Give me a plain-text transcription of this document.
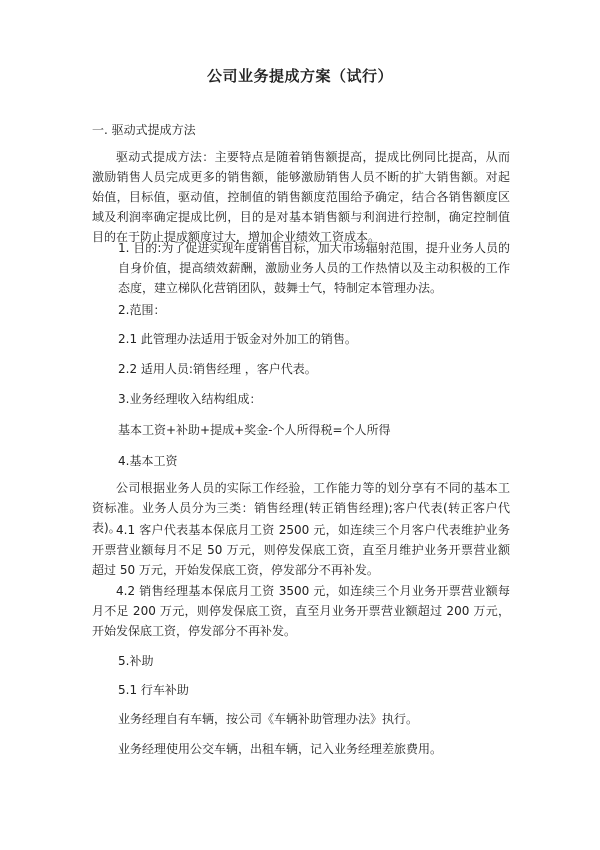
公司业务提成方案（试行）
一. 驱动式提成方法
驱动式提成方法：主要特点是随着销售额提高，提成比例同比提高，从而激励销售人员完成更多的销售额，能够激励销售人员不断的扩大销售额。对起始值，目标值，驱动值，控制值的销售额度范围给予确定，结合各销售额度区域及利润率确定提成比例，目的是对基本销售额与利润进行控制，确定控制值目的在于防止提成额度过大，增加企业绩效工资成本。
1. 目的:为了促进实现年度销售目标，加大市场辐射范围，提升业务人员的自身价值，提高绩效薪酬，激励业务人员的工作热情以及主动积极的工作态度，建立梯队化营销团队，鼓舞士气，特制定本管理办法。
2.范围：
2.1 此管理办法适用于钣金对外加工的销售。
2.2 适用人员:销售经理 ，客户代表。
3.业务经理收入结构组成：
基本工资+补助+提成+奖金-个人所得税=个人所得
4.基本工资
公司根据业务人员的实际工作经验，工作能力等的划分享有不同的基本工资标准。业务人员分为三类：销售经理(转正销售经理);客户代表(转正客户代表)。
4.1 客户代表基本保底月工资 2500 元，如连续三个月客户代表维护业务开票营业额每月不足 50 万元，则停发保底工资，直至月维护业务开票营业额超过 50 万元，开始发保底工资，停发部分不再补发。
4.2 销售经理基本保底月工资 3500 元，如连续三个月业务开票营业额每月不足 200 万元，则停发保底工资，直至月业务开票营业额超过 200 万元，开始发保底工资，停发部分不再补发。
5.补助
5.1 行车补助
业务经理自有车辆，按公司《车辆补助管理办法》执行。
业务经理使用公交车辆，出租车辆，记入业务经理差旅费用。
